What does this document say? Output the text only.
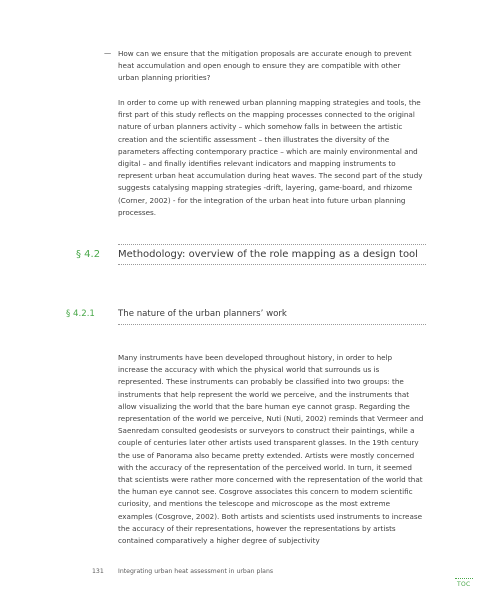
— How can we ensure that the mitigation proposals are accurate enough to prevent heat accumulation and open enough to ensure they are compatible with other urban planning priorities?
In order to come up with renewed urban planning mapping strategies and tools, the first part of this study reflects on the mapping processes connected to the original nature of urban planners activity – which somehow falls in between the artistic creation and the scientific assessment – then illustrates the diversity of the parameters affecting contemporary practice – which are mainly environmental and digital – and finally identifies relevant indicators and mapping instruments to represent urban heat accumulation during heat waves. The second part of the study suggests catalysing mapping strategies -drift, layering, game-board, and rhizome (Corner, 2002) - for the integration of the urban heat into future urban planning processes.
§ 4.2 Methodology: overview of the role mapping as a design tool
§ 4.2.1	The nature of the urban planners’ work
Many instruments have been developed throughout history, in order to help increase the accuracy with which the physical world that surrounds us is represented. These instruments can probably be classified into two groups: the instruments that help represent the world we perceive, and the instruments that allow visualizing the world that the bare human eye cannot grasp. Regarding the representation of the world we perceive, Nuti (Nuti, 2002) reminds that Vermeer and Saenredam consulted geodesists or surveyors to construct their paintings, while a couple of centuries later other artists used transparent glasses. In the 19th century the use of Panorama also became pretty extended. Artists were mostly concerned with the accuracy of the representation of the perceived world. In turn, it seemed that scientists were rather more concerned with the representation of the world that the human eye cannot see. Cosgrove associates this concern to modern scientific curiosity, and mentions the telescope and microscope as the most extreme examples (Cosgrove, 2002). Both artists and scientists used instruments to increase the accuracy of their representations, however the representations by artists contained comparatively a higher degree of subjectivity
131 Integrating urban heat assessment in urban plans
TOC
